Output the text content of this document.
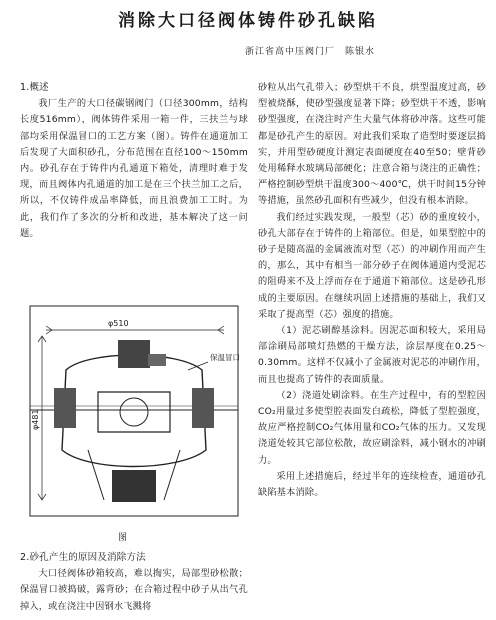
消除大口径阀体铸件砂孔缺陷
浙江省高中压阀门厂　陈银水
1.概述

我厂生产的大口径碳钢阀门（口径300mm，结构长度516mm），阀体铸件采用一箱一件，三扶兰与球部均采用保温冒口的工艺方案（图）。铸件在通道加工后发现了大面积砂孔，分布范围在直径100～150mm内。砂孔存在于铸件内孔通道下箱处，清理时难于发现，而且阀体内孔通道的加工是在三个扶兰加工之后，所以，不仅铸件成品率降低，而且浪费加工工时。为此，我们作了多次的分析和改进，基本解决了这一问题。

φ510
φ481
保温冒口
图
2.砂孔产生的原因及消除方法

大口径阀体砂箱较高，难以掏实，局部型砂松散；保温冒口被捣破，露背砂；在合箱过程中砂子从出气孔掉入，或在浇注中因钢水飞溅将

砂粒从出气孔带入；砂型烘干不良，烘型温度过高，砂型被烧酥，使砂型强度显著下降；砂型烘干不透，影响砂型强度，在浇注时产生大量气体将砂冲落。这些可能都是砂孔产生的原因。对此我们采取了造型时要逐层捣实，并用型砂硬度计测定表面硬度在40至50；壁背砂处用稀释水玻璃局部硬化；注意合箱与浇注的正确性；严格控制砂型烘干温度300～400℃，烘干时间15分钟等措施，虽然砂孔面积有些减少，但没有根本消除。

我们经过实践发现，一般型（芯）砂的重度较小，砂孔大部存在于铸件的上箱部位。但是，如果型腔中的砂子是随高温的金属液流对型（芯）的冲刷作用而产生的，那么，其中有相当一部分砂子在阀体通道内受泥芯的阻碍来不及上浮而存在于通道下箱部位。这是砂孔形成的主要原因。在继续巩固上述措施的基础上，我们又采取了提高型（芯）强度的措施。

（1）泥芯刷醇基涂料。因泥芯面积较大，采用局部涂刷局部喷灯热燃的干燥方法，涂层厚度在0.25～0.30mm。这样不仅减小了金属液对泥芯的冲刷作用，而且也提高了铸件的表面质量。

（2）浇道处刷涂料。在生产过程中，有的型腔因CO₂用量过多使型腔表面发白疏松，降低了型腔强度，故应严格控制CO₂气体用量和CO₂气体的压力。又发现浇道处较其它部位松散，故应刷涂料，减小钢水的冲刷力。

采用上述措施后，经过半年的连续检查，通道砂孔缺陷基本消除。
